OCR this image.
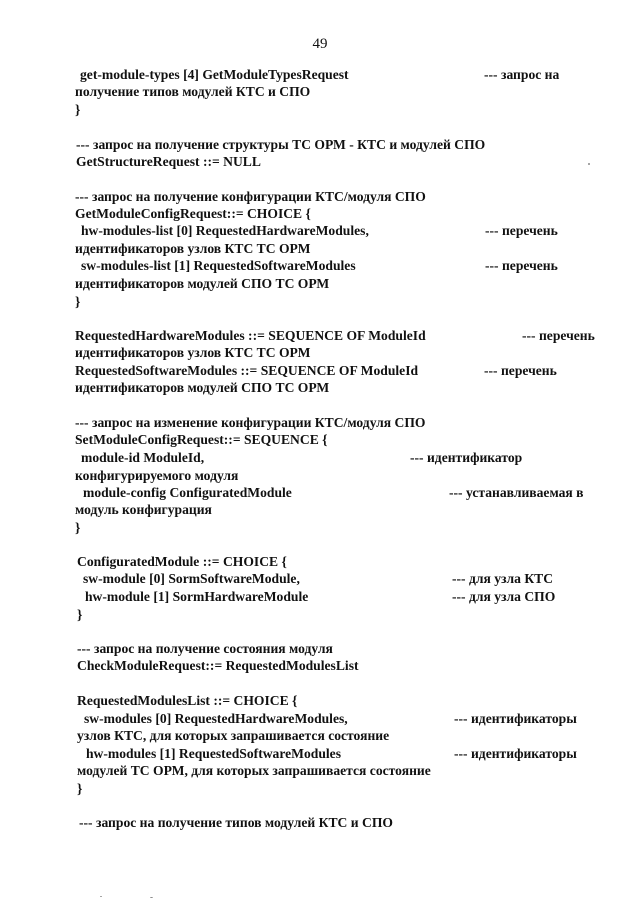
49
get-module-types [4] GetModuleTypesRequest	--- запрос на
получение типов модулей КТС и СПО
}
--- запрос на получение структуры ТС ОРМ - КТС и модулей СПО
GetStructureRequest ::= NULL
--- запрос на получение конфигурации КТС/модуля СПО
GetModuleConfigRequest::= CHOICE {
hw-modules-list [0] RequestedHardwareModules,	--- перечень
идентификаторов узлов КТС ТС ОРМ
sw-modules-list [1] RequestedSoftwareModules	--- перечень
идентификаторов модулей СПО ТС ОРМ
}
RequestedHardwareModules ::= SEQUENCE OF ModuleId	--- перечень
идентификаторов узлов КТС ТС ОРМ
RequestedSoftwareModules ::= SEQUENCE OF ModuleId	--- перечень
идентификаторов модулей СПО ТС ОРМ
--- запрос на изменение конфигурации КТС/модуля СПО
SetModuleConfigRequest::= SEQUENCE {
module-id ModuleId,	--- идентификатор
конфигурируемого модуля
module-config ConfiguratedModule	--- устанавливаемая в
модуль конфигурация
}
ConfiguratedModule ::= CHOICE {
sw-module [0] SormSoftwareModule,	--- для узла КТС
hw-module [1] SormHardwareModule	--- для узла СПО
}
--- запрос на получение состояния модуля
CheckModuleRequest::= RequestedModulesList
RequestedModulesList ::= CHOICE {
sw-modules [0] RequestedHardwareModules,	--- идентификаторы
узлов КТС, для которых запрашивается состояние
hw-modules [1] RequestedSoftwareModules	--- идентификаторы
модулей ТС ОРМ, для которых запрашивается состояние
}
--- запрос на получение типов модулей КТС и СПО
